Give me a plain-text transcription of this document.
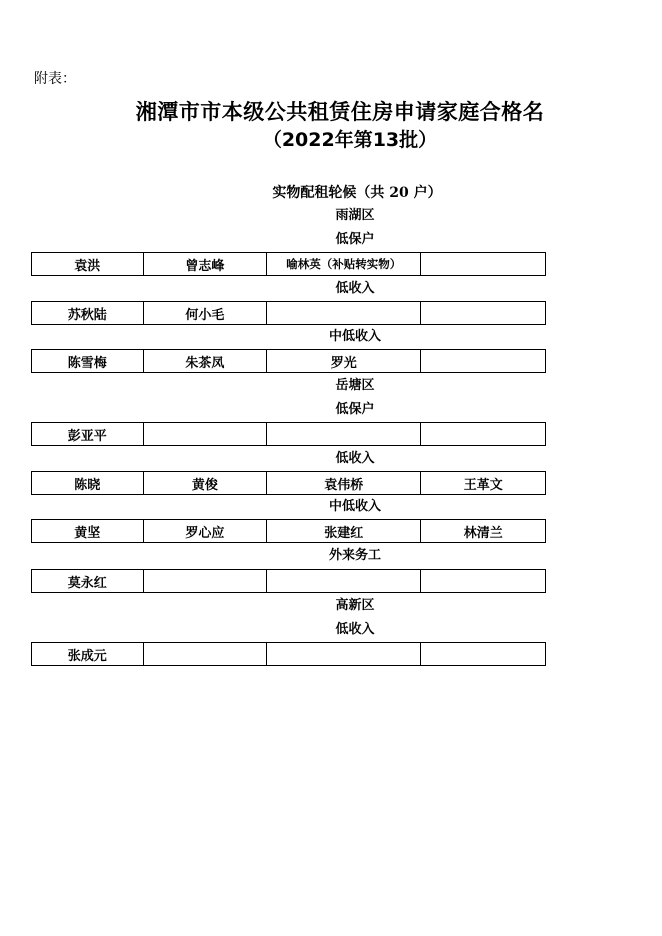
附表：
湘潭市市本级公共租赁住房申请家庭合格名
（2022年第13批）
实物配租轮候（共 20 户）
雨湖区
低保户
袁洪	曾志峰	喻林英（补贴转实物）
低收入
苏秋陆	何小毛
中低收入
陈雪梅	朱茶凤	罗光
岳塘区
低保户
彭亚平
低收入
陈晓	黄俊	袁伟桥	王革文
中低收入
黄坚	罗心应	张建红	林清兰
外来务工
莫永红
高新区
低收入
张成元
